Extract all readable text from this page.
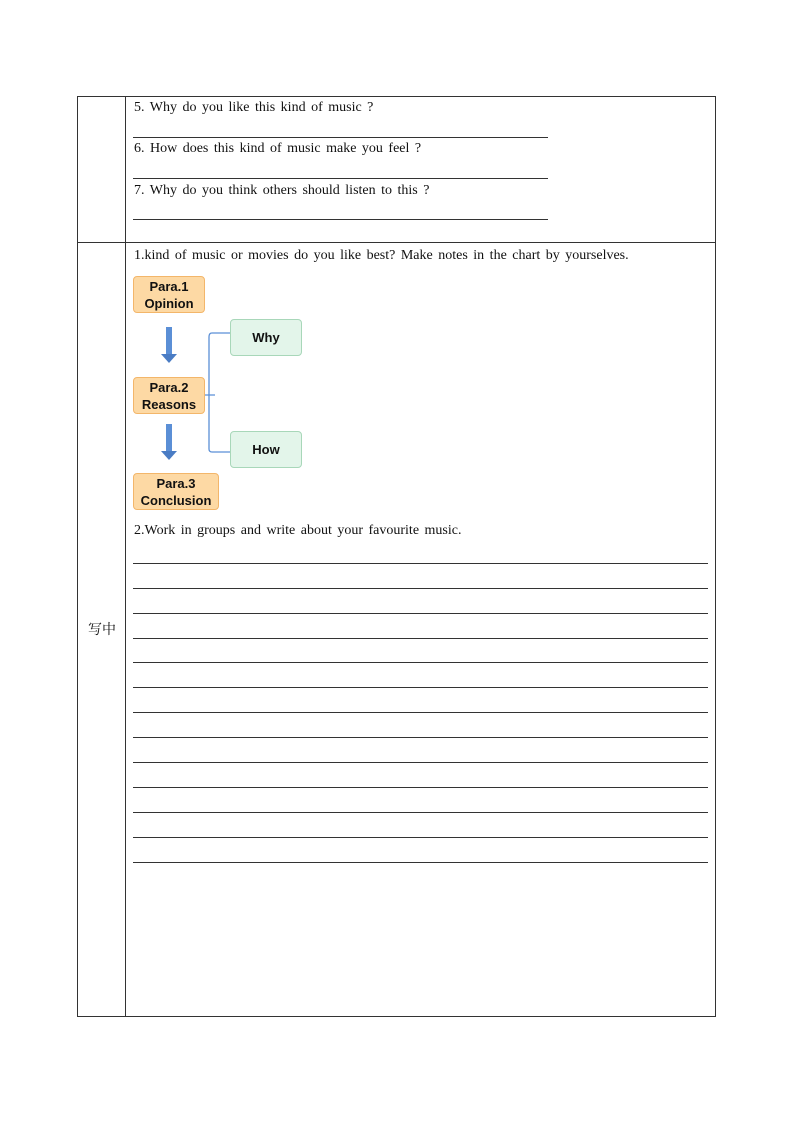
5. Why do you like this kind of music ?
6. How does this kind of music make you feel ?
7. Why do you think others should listen to this ?
写中
1.kind of music or movies do you like best? Make notes in the chart by yourselves.
Para.1
Opinion
Para.2
Reasons
Why
How
Para.3
Conclusion
2.Work in groups and write about your favourite music.
